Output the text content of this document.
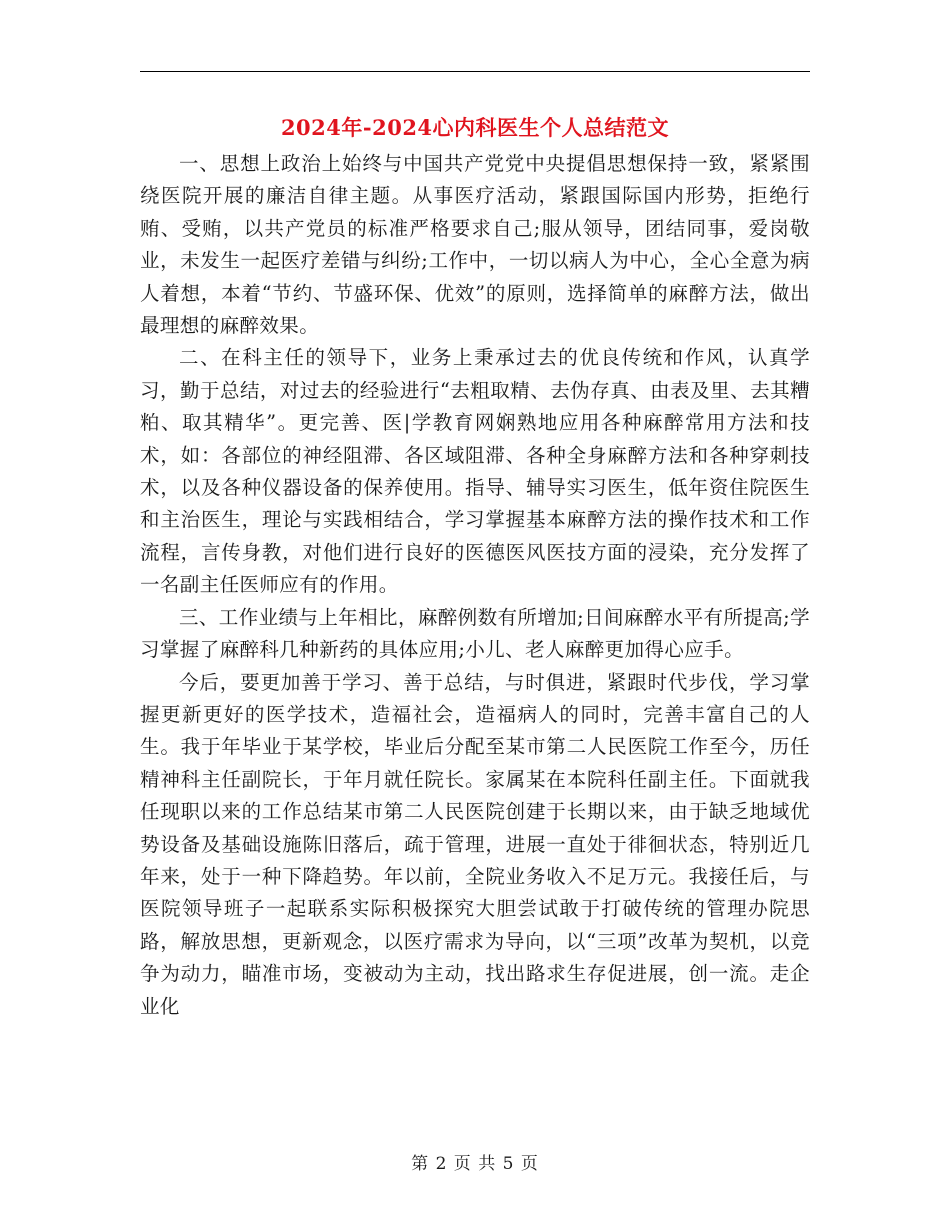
2024年-2024心内科医生个人总结范文

一、思想上政治上始终与中国共产党党中央提倡思想保持一致，紧紧围绕医院开展的廉洁自律主题。从事医疗活动，紧跟国际国内形势，拒绝行贿、受贿，以共产党员的标准严格要求自己;服从领导，团结同事，爱岗敬业，未发生一起医疗差错与纠纷;工作中，一切以病人为中心，全心全意为病人着想，本着“节约、节盛环保、优效”的原则，选择简单的麻醉方法，做出最理想的麻醉效果。

二、在科主任的领导下，业务上秉承过去的优良传统和作风，认真学习，勤于总结，对过去的经验进行“去粗取精、去伪存真、由表及里、去其糟粕、取其精华”。更完善、医|学教育网娴熟地应用各种麻醉常用方法和技术，如：各部位的神经阻滞、各区域阻滞、各种全身麻醉方法和各种穿刺技术，以及各种仪器设备的保养使用。指导、辅导实习医生，低年资住院医生和主治医生，理论与实践相结合，学习掌握基本麻醉方法的操作技术和工作流程，言传身教，对他们进行良好的医德医风医技方面的浸染，充分发挥了一名副主任医师应有的作用。

三、工作业绩与上年相比，麻醉例数有所增加;日间麻醉水平有所提高;学习掌握了麻醉科几种新药的具体应用;小儿、老人麻醉更加得心应手。

今后，要更加善于学习、善于总结，与时俱进，紧跟时代步伐，学习掌握更新更好的医学技术，造福社会，造福病人的同时，完善丰富自己的人生。我于年毕业于某学校，毕业后分配至某市第二人民医院工作至今，历任精神科主任副院长，于年月就任院长。家属某在本院科任副主任。下面就我任现职以来的工作总结某市第二人民医院创建于长期以来，由于缺乏地域优势设备及基础设施陈旧落后，疏于管理，进展一直处于徘徊状态，特别近几年来，处于一种下降趋势。年以前，全院业务收入不足万元。我接任后，与医院领导班子一起联系实际积极探究大胆尝试敢于打破传统的管理办院思路，解放思想，更新观念，以医疗需求为导向，以“三项”改革为契机，以竞争为动力，瞄准市场，变被动为主动，找出路求生存促进展，创一流。走企业化

第 2 页 共 5 页
